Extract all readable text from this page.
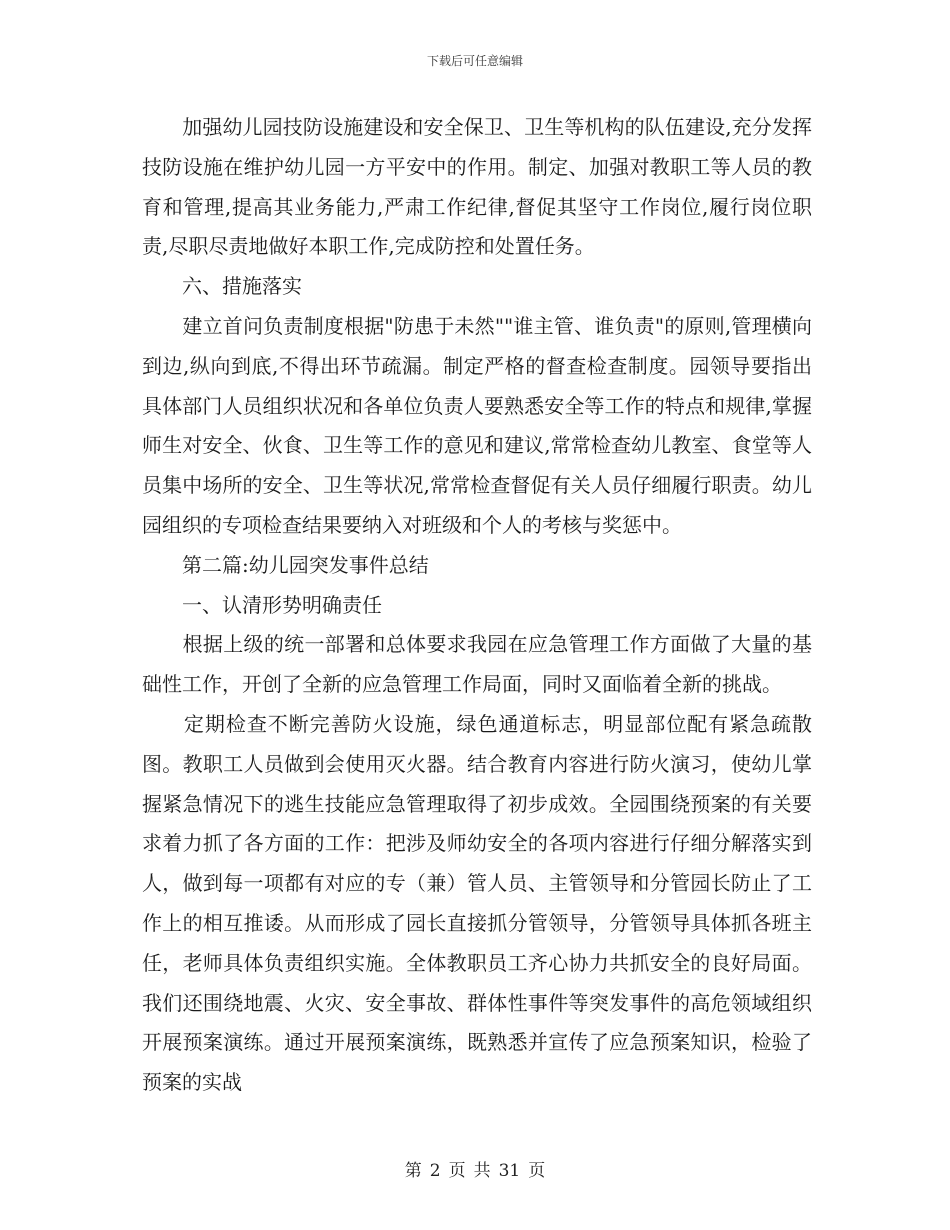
下载后可任意编辑

　　加强幼儿园技防设施建设和安全保卫、卫生等机构的队伍建设,充分发挥技防设施在维护幼儿园一方平安中的作用。制定、加强对教职工等人员的教育和管理,提高其业务能力,严肃工作纪律,督促其坚守工作岗位,履行岗位职责,尽职尽责地做好本职工作,完成防控和处置任务。

　　六、措施落实

　　建立首问负责制度根据"防患于未然""谁主管、谁负责"的原则,管理横向到边,纵向到底,不得出环节疏漏。制定严格的督查检查制度。园领导要指出具体部门人员组织状况和各单位负责人要熟悉安全等工作的特点和规律,掌握师生对安全、伙食、卫生等工作的意见和建议,常常检查幼儿教室、食堂等人员集中场所的安全、卫生等状况,常常检查督促有关人员仔细履行职责。幼儿园组织的专项检查结果要纳入对班级和个人的考核与奖惩中。

　　第二篇:幼儿园突发事件总结

　　一、认清形势明确责任

　　根据上级的统一部署和总体要求我园在应急管理工作方面做了大量的基础性工作，开创了全新的应急管理工作局面，同时又面临着全新的挑战。

　　定期检查不断完善防火设施，绿色通道标志，明显部位配有紧急疏散图。教职工人员做到会使用灭火器。结合教育内容进行防火演习，使幼儿掌握紧急情况下的逃生技能应急管理取得了初步成效。全园围绕预案的有关要求着力抓了各方面的工作：把涉及师幼安全的各项内容进行仔细分解落实到人，做到每一项都有对应的专（兼）管人员、主管领导和分管园长防止了工作上的相互推诿。从而形成了园长直接抓分管领导，分管领导具体抓各班主任，老师具体负责组织实施。全体教职员工齐心协力共抓安全的良好局面。我们还围绕地震、火灾、安全事故、群体性事件等突发事件的高危领域组织开展预案演练。通过开展预案演练，既熟悉并宣传了应急预案知识，检验了预案的实战

第 2 页 共 31 页
